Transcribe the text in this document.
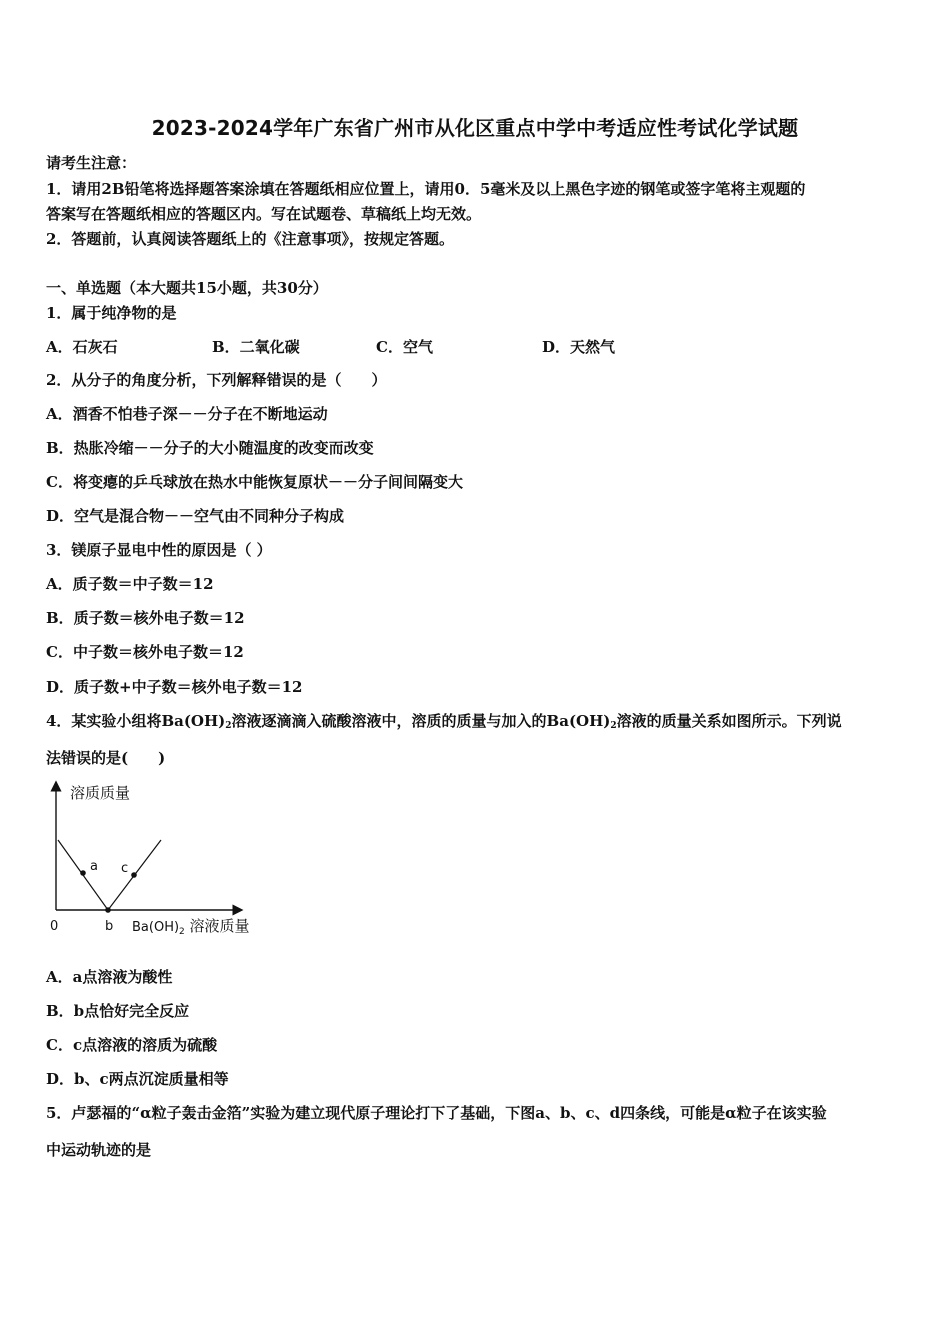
2023-2024学年广东省广州市从化区重点中学中考适应性考试化学试题
请考生注意：
1．请用2B铅笔将选择题答案涂填在答题纸相应位置上，请用0．5毫米及以上黑色字迹的钢笔或签字笔将主观题的
答案写在答题纸相应的答题区内。写在试题卷、草稿纸上均无效。
2．答题前，认真阅读答题纸上的《注意事项》，按规定答题。
一、单选题（本大题共15小题，共30分）
1．属于纯净物的是
A．石灰石	B．二氧化碳	C．空气	D．天然气
2．从分子的角度分析，下列解释错误的是（　　）
A．酒香不怕巷子深－－分子在不断地运动
B．热胀冷缩－－分子的大小随温度的改变而改变
C．将变瘪的乒乓球放在热水中能恢复原状－－分子间间隔变大
D．空气是混合物－－空气由不同种分子构成
3．镁原子显电中性的原因是（ ）
A．质子数＝中子数＝12
B．质子数＝核外电子数＝12
C．中子数＝核外电子数＝12
D．质子数+中子数＝核外电子数＝12
4．某实验小组将$Ba(OH)_2$溶液逐滴滴入硫酸溶液中，溶质的质量与加入的$Ba(OH)_2$溶液的质量关系如图所示。下列说
法错误的是(　　)
溶质质量
a c
0	b $Ba(OH)_2$ 溶液质量
A．a点溶液为酸性
B．b点恰好完全反应
C．c点溶液的溶质为硫酸
D．b、c两点沉淀质量相等
5．卢瑟福的“α粒子轰击金箔”实验为建立现代原子理论打下了基础，下图a、b、c、d四条线，可能是α粒子在该实验
中运动轨迹的是
